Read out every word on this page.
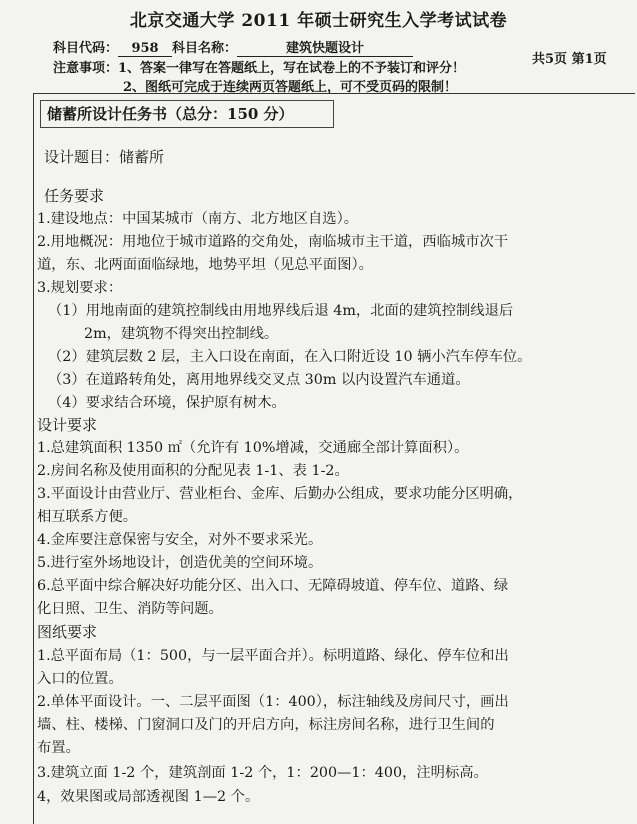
北京交通大学 2011 年硕士研究生入学考试试卷
科目代码： 958 科目名称：	建筑快题设计
共5页 第1页
注意事项：1、答案一律写在答题纸上，写在试卷上的不予装订和评分！
2、图纸可完成于连续两页答题纸上，可不受页码的限制！
储蓄所设计任务书（总分：150 分）
设计题目：储蓄所
任务要求
1.建设地点：中国某城市（南方、北方地区自选）。
2.用地概况：用地位于城市道路的交角处，南临城市主干道，西临城市次干
道，东、北两面面临绿地，地势平坦（见总平面图）。
3.规划要求：
（1）用地南面的建筑控制线由用地界线后退 4m，北面的建筑控制线退后
2m，建筑物不得突出控制线。
（2）建筑层数 2 层，主入口设在南面，在入口附近设 10 辆小汽车停车位。
（3）在道路转角处，离用地界线交叉点 30m 以内设置汽车通道。
（4）要求结合环境，保护原有树木。
设计要求
1.总建筑面积 1350 ㎡（允许有 10%增减，交通廊全部计算面积）。
2.房间名称及使用面积的分配见表 1-1、表 1-2。
3.平面设计由营业厅、营业柜台、金库、后勤办公组成，要求功能分区明确，
相互联系方便。
4.金库要注意保密与安全，对外不要求采光。
5.进行室外场地设计，创造优美的空间环境。
6.总平面中综合解决好功能分区、出入口、无障碍坡道、停车位、道路、绿
化日照、卫生、消防等问题。
图纸要求
1.总平面布局（1：500，与一层平面合并）。标明道路、绿化、停车位和出
入口的位置。
2.单体平面设计。一、二层平面图（1：400），标注轴线及房间尺寸，画出
墙、柱、楼梯、门窗洞口及门的开启方向，标注房间名称，进行卫生间的
布置。
3.建筑立面 1-2 个，建筑剖面 1-2 个，1：200—1：400，注明标高。
4，效果图或局部透视图 1—2 个。
